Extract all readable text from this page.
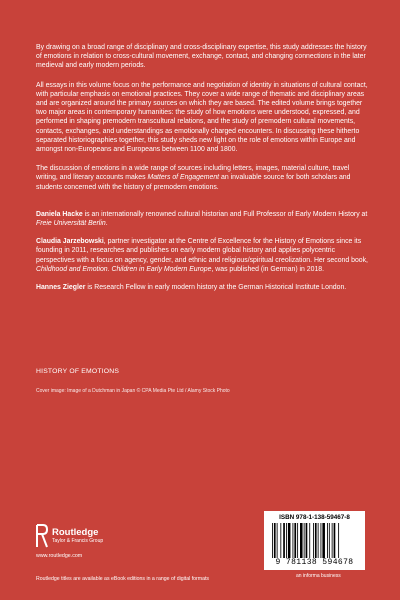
By drawing on a broad range of disciplinary and cross-disciplinary expertise, this study addresses the history of emotions in relation to cross-cultural movement, exchange, contact, and changing connections in the later medieval and early modern periods.

All essays in this volume focus on the performance and negotiation of identity in situations of cultural contact, with particular emphasis on emotional practices. They cover a wide range of thematic and disciplinary areas and are organized around the primary sources on which they are based. The edited volume brings together two major areas in contemporary humanities: the study of how emotions were understood, expressed, and performed in shaping premodern transcultural relations, and the study of premodern cultural movements, contacts, exchanges, and understandings as emotionally charged encounters. In discussing these hitherto separated historiographies together, this study sheds new light on the role of emotions within Europe and amongst non-Europeans and Europeans between 1100 and 1800.

The discussion of emotions in a wide range of sources including letters, images, material culture, travel writing, and literary accounts makes Matters of Engagement an invaluable source for both scholars and students concerned with the history of premodern emotions.

Daniela Hacke is an internationally renowned cultural historian and Full Professor of Early Modern History at Freie Universität Berlin.

Claudia Jarzebowski, partner investigator at the Centre of Excellence for the History of Emotions since its founding in 2011, researches and publishes on early modern global history and applies polycentric perspectives with a focus on agency, gender, and ethnic and religious/spiritual creolization. Her second book, Childhood and Emotion. Children in Early Modern Europe, was published (in German) in 2018.

Hannes Ziegler is Research Fellow in early modern history at the German Historical Institute London.

HISTORY OF EMOTIONS
Cover image: Image of a Dutchman in Japan © CPA Media Pte Ltd / Alamy Stock Photo
Routledge
Taylor & Francis Group
www.routledge.com
ISBN 978-1-138-59467-8
9 781138 594678
an informa business
Routledge titles are available as eBook editions in a range of digital formats
